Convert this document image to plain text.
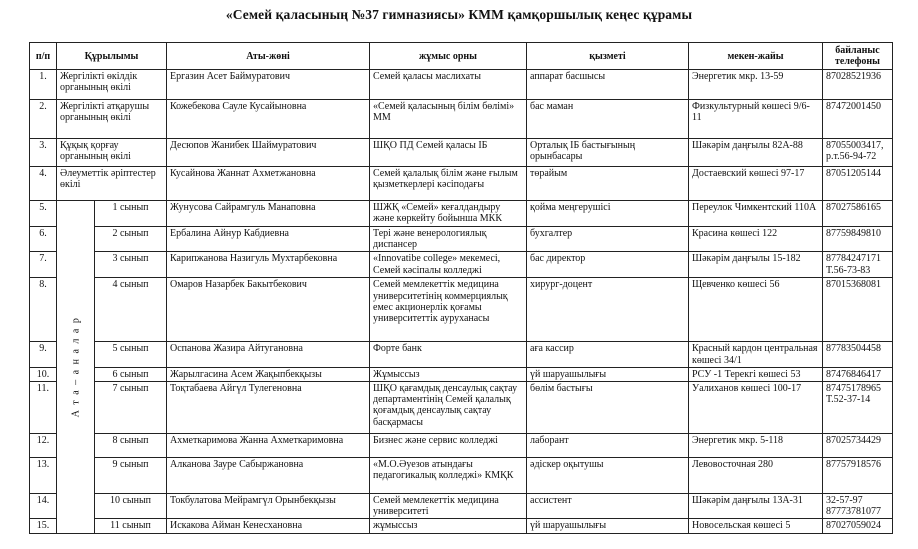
«Семей қаласының №37 гимназиясы» КММ қамқоршылық кеңес құрамы
п/п	Құрылымы		Аты-жөні	жұмыс орны	қызметі	мекен-жайы	байланыс телефоны
1.	Жергілікті өкілдік органының өкілі		Ергазин Асет Баймуратович	Семей қаласы маслихаты	аппарат басшысы	Энергетик мкр. 13-59	87028521936
2.	Жергілікті атқарушы органының өкілі		Кожебекова Сауле Кусайыновна	«Семей қаласының білім бөлімі» ММ	бас маман	Физкультурный көшесі 9/6-11	87472001450
3.	Құқық қорғау органының өкілі		Десюпов Жанибек Шаймуратович	ШҚО ПД Семей қаласы ІБ	Орталық ІБ бастығының орынбасары	Шәкәрім даңғылы 82А-88	87055003417, р.т.56-94-72
4.	Әлеуметтік әріптестер өкілі		Кусайнова Жаннат Ахметжановна	Семей қалалық білім және ғылым қызметкерлері кәсіподағы	төрайым	Достаевский көшесі 97-17	87051205144
5.	А т а – а н а л а р	1 сынып	Жунусова Сайрамгуль Манаповна	ШЖҚ «Семей» кеғалдандыру және көркейту бойынша МКК	қойма меңгерушісі	Переулок Чимкентский 110А	87027586165
6.		2 сынып	Ербалина Айнур Кабдиевна	Тері және венерологиялық диспансер	бухгалтер	Красина көшесі 122	87759849810
7.		3 сынып	Карипжанова Назигуль Мухтарбековна	«Innovatibe college» мекемесі, Семей кәсіпалы колледжі	бас директор	Шәкәрім даңғылы 15-182	87784247171 Т.56-73-83
8.		4 сынып	Омаров Назарбек Бакытбекович	Семей мемлекеттік медицина университетінің коммерциялық емес акционерлік қоғамы университеттік ауруханасы	хирург-доцент	Щевченко көшесі 56	87015368081
9.		5 сынып	Оспанова Жазира Айтугановна	Форте банк	аға кассир	Красный кардон центральная көшесі 34/1	87783504458
10.		6 сынып	Жарылгасина Асем Жақыпбекқызы	Жұмыссыз	үй шаруашылығы	РСУ -1 Терекгі көшесі 53	87476846417
11.		7 сынып	Тоқтабаева Айгүл Тулегеновна	ШҚО қағамдық денсаулық сақтау департаментінің Семей қалалық қоғамдық денсаулық сақтау басқармасы	бөлім бастығы	Уалиханов көшесі 100-17	87475178965 Т.52-37-14
12.		8 сынып	Ахметкаримова Жанна Ахметкаримовна	Бизнес және сервис колледжі	лаборант	Энергетик мкр. 5-118	87025734429
13.		9 сынып	Алканова Зауре Сабыржановна	«М.О.Әуезов атындағы педагогикалық колледжі» КМҚК	әдіскер оқытушы	Левовосточная 280	87757918576
14.		10 сынып	Токбулатова Мейрамгүл Орынбекқызы	Семей мемлекеттік медицина университеті	ассистент	Шәкәрім даңғылы 13А-31	32-57-97 87773781077
15.		11 сынып	Искакова Айман Кенесхановна	жұмыссыз	үй шаруашылығы	Новосельская көшесі 5	87027059024
